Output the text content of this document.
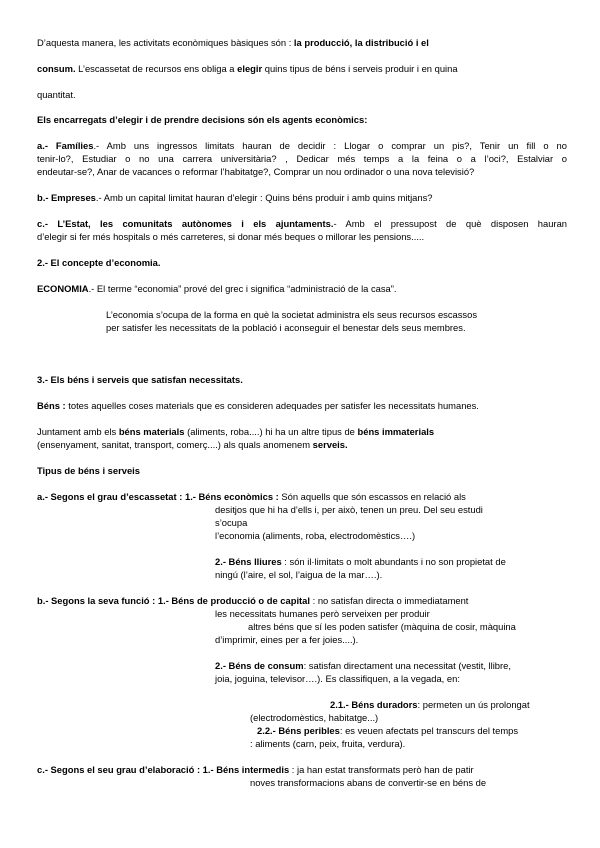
D’aquesta manera, les activitats econòmiques bàsiques són : la producció, la distribució i el

consum. L’escassetat de recursos ens obliga a elegir quins tipus de béns i serveis produir i en quina

quantitat.

Els encarregats d’elegir i de prendre decisions són els agents econòmics:

a.- Famílies.- Amb uns ingressos limitats hauran de decidir : Llogar o comprar un pis?, Tenir un fill o no

tenir-lo?, Estudiar o no una carrera universitària? , Dedicar més temps a la feina o a l’oci?, Estalviar o

endeutar-se?, Anar de vacances o reformar l’habitatge?, Comprar un nou ordinador o una nova televisió?

b.- Empreses.- Amb un capital limitat hauran d’elegir : Quins béns produir i amb quins mitjans?

c.- L’Estat, les comunitats autònomes i els ajuntaments.- Amb el pressupost de què disposen hauran

d’elegir si fer més hospitals o més carreteres, si donar més beques o millorar les pensions.....

2.- El concepte d’economia.

ECONOMIA.- El terme “economia” prové del grec i significa “administració de la casa”.

L’economia s’ocupa de la forma en què la societat administra els seus recursos escassos

per satisfer les necessitats de la població i aconseguir el benestar dels seus membres.

3.- Els béns i serveis que satisfan necessitats.

Béns : totes aquelles coses materials que es consideren adequades per satisfer les necessitats humanes.

Juntament amb els béns materials (aliments, roba....) hi ha un altre tipus de béns immaterials

(ensenyament, sanitat, transport, comerç....) als quals anomenem serveis.

Tipus de béns i serveis

a.- Segons el grau d’escassetat : 1.- Béns econòmics : Són aquells que són escassos en relació als

desitjos que hi ha d’ells i, per això, tenen un preu. Del seu estudi

s’ocupa

l’economia (aliments, roba, electrodomèstics….)

2.- Béns lliures : són il·limitats o molt abundants i no son propietat de

ningú (l’aire, el sol, l’aigua de la mar….).

b.- Segons la seva funció : 1.- Béns de producció o de capital : no satisfan directa o immediatament

les necessitats humanes però serveixen per produir

altres béns que sí les poden satisfer (màquina de cosir, màquina

d’imprimir, eines per a fer joies....).

2.- Béns de consum: satisfan directament una necessitat (vestit, llibre,

joia, joguina, televisor….). Es classifiquen, a la vegada, en:

2.1.- Béns duradors: permeten un ús prolongat

(electrodomèstics, habitatge...)

2.2.- Béns peribles: es veuen afectats pel transcurs del temps

: aliments (carn, peix, fruita, verdura).

c.- Segons el seu grau d’elaboració : 1.- Béns intermedis : ja han estat transformats però han de patir

noves transformacions abans de convertir-se en béns de
